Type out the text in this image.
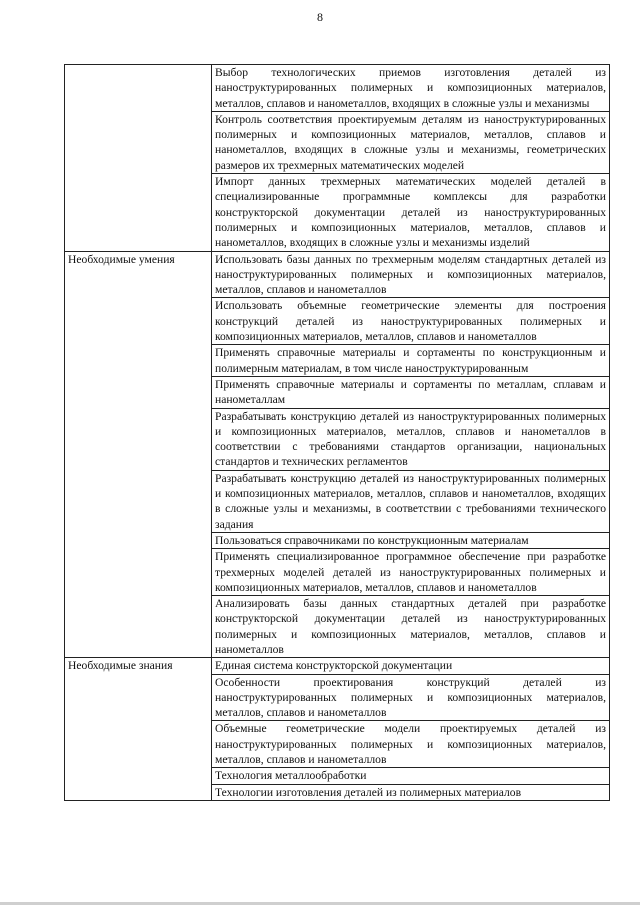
8
	Выбор технологических приемов изготовления деталей из наноструктурированных полимерных и композиционных материалов, металлов, сплавов и нанометаллов, входящих в сложные узлы и механизмы
	Контроль соответствия проектируемым деталям из наноструктурированных полимерных и композиционных материалов, металлов, сплавов и нанометаллов, входящих в сложные узлы и механизмы, геометрических размеров их трехмерных математических моделей
	Импорт данных трехмерных математических моделей деталей в специализированные программные комплексы для разработки конструкторской документации деталей из наноструктурированных полимерных и композиционных материалов, металлов, сплавов и нанометаллов, входящих в сложные узлы и механизмы изделий
Необходимые умения	Использовать базы данных по трехмерным моделям стандартных деталей из наноструктурированных полимерных и композиционных материалов, металлов, сплавов и нанометаллов
	Использовать объемные геометрические элементы для построения конструкций деталей из наноструктурированных полимерных и композиционных материалов, металлов, сплавов и нанометаллов
	Применять справочные материалы и сортаменты по конструкционным и полимерным материалам, в том числе наноструктурированным
	Применять справочные материалы и сортаменты по металлам, сплавам и нанометаллам
	Разрабатывать конструкцию деталей из наноструктурированных полимерных и композиционных материалов, металлов, сплавов и нанометаллов в соответствии с требованиями стандартов организации, национальных стандартов и технических регламентов
	Разрабатывать конструкцию деталей из наноструктурированных полимерных и композиционных материалов, металлов, сплавов и нанометаллов, входящих в сложные узлы и механизмы, в соответствии с требованиями технического задания
	Пользоваться справочниками по конструкционным материалам
	Применять специализированное программное обеспечение при разработке трехмерных моделей деталей из наноструктурированных полимерных и композиционных материалов, металлов, сплавов и нанометаллов
	Анализировать базы данных стандартных деталей при разработке конструкторской документации деталей из наноструктурированных полимерных и композиционных материалов, металлов, сплавов и нанометаллов
Необходимые знания	Единая система конструкторской документации
	Особенности проектирования конструкций деталей из наноструктурированных полимерных и композиционных материалов, металлов, сплавов и нанометаллов
	Объемные геометрические модели проектируемых деталей из наноструктурированных полимерных и композиционных материалов, металлов, сплавов и нанометаллов
	Технология металлообработки
	Технологии изготовления деталей из полимерных материалов
